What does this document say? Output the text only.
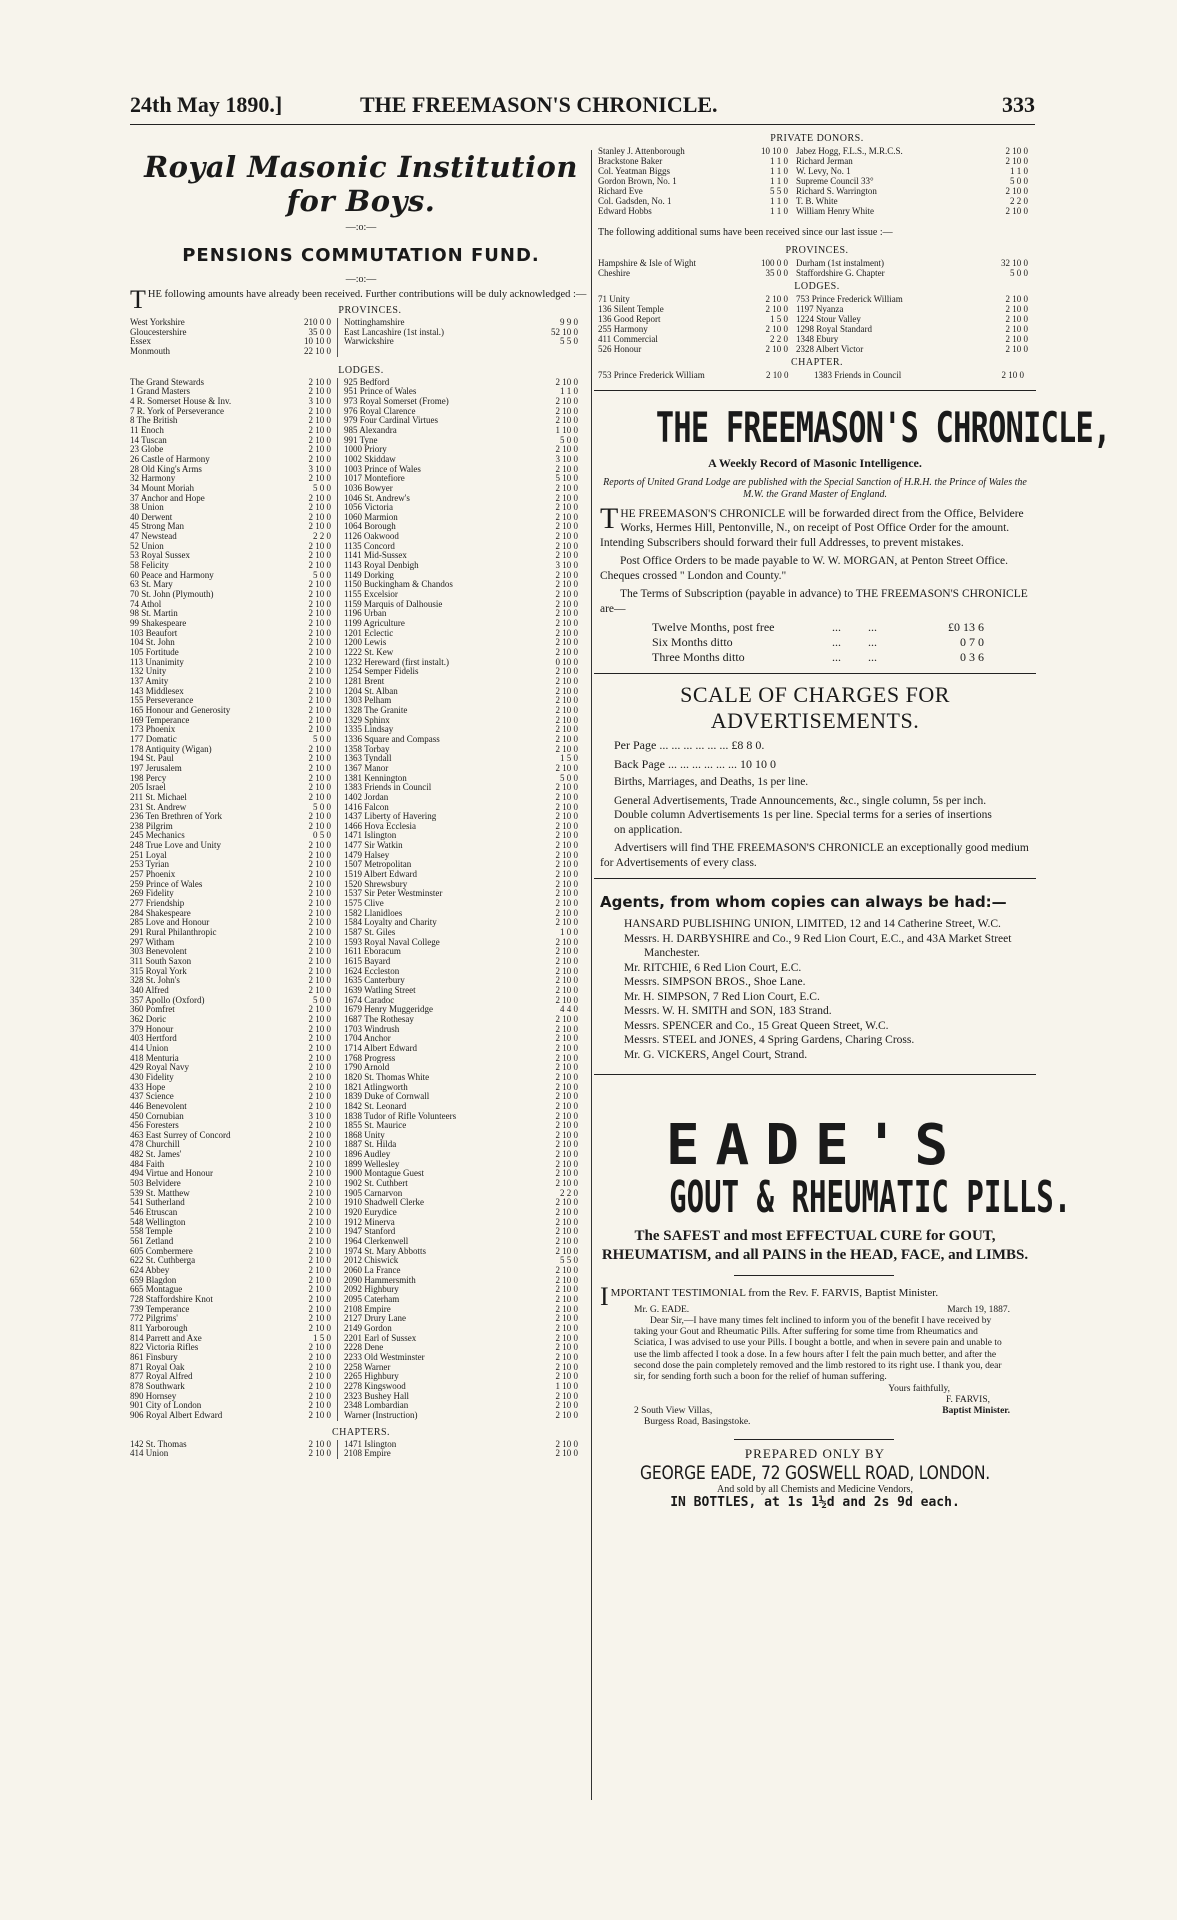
24th May 1890.]	THE FREEMASON'S CHRONICLE.	333
Royal Masonic Institution for Boys.
—:o:—
PENSIONS COMMUTATION FUND.
—:o:—
THE following amounts have already been received. Further contributions will be duly acknowledged :—
PROVINCES.
West Yorkshire	210 0 0	Nottinghamshire	9 9 0
Gloucestershire	35 0 0	East Lancashire (1st instal.)	52 10 0
Essex	10 10 0	Warwickshire	5 5 0
Monmouth	22 10 0
LODGES.
The Grand Stewards	2 10 0	925 Bedford	2 10 0
1 Grand Masters	2 10 0	951 Prince of Wales	1 1 0
4 R. Somerset House & Inv.	3 10 0	973 Royal Somerset (Frome)	2 10 0
7 R. York of Perseverance	2 10 0	976 Royal Clarence	2 10 0
8 The British	2 10 0	979 Four Cardinal Virtues	2 10 0
11 Enoch	2 10 0	985 Alexandra	1 10 0
14 Tuscan	2 10 0	991 Tyne	5 0 0
23 Globe	2 10 0	1000 Priory	2 10 0
26 Castle of Harmony	2 10 0	1002 Skiddaw	3 10 0
28 Old King's Arms	3 10 0	1003 Prince of Wales	2 10 0
32 Harmony	2 10 0	1017 Montefiore	5 10 0
34 Mount Moriah	5 0 0	1036 Bowyer	2 10 0
37 Anchor and Hope	2 10 0	1046 St. Andrew's	2 10 0
38 Union	2 10 0	1056 Victoria	2 10 0
40 Derwent	2 10 0	1060 Marmion	2 10 0
45 Strong Man	2 10 0	1064 Borough	2 10 0
47 Newstead	2 2 0	1126 Oakwood	2 10 0
52 Union	2 10 0	1135 Concord	2 10 0
53 Royal Sussex	2 10 0	1141 Mid-Sussex	2 10 0
58 Felicity	2 10 0	1143 Royal Denbigh	3 10 0
60 Peace and Harmony	5 0 0	1149 Dorking	2 10 0
63 St. Mary	2 10 0	1150 Buckingham & Chandos	2 10 0
70 St. John (Plymouth)	2 10 0	1155 Excelsior	2 10 0
74 Athol	2 10 0	1159 Marquis of Dalhousie	2 10 0
98 St. Martin	2 10 0	1196 Urban	2 10 0
99 Shakespeare	2 10 0	1199 Agriculture	2 10 0
103 Beaufort	2 10 0	1201 Eclectic	2 10 0
104 St. John	2 10 0	1200 Lewis	2 10 0
105 Fortitude	2 10 0	1222 St. Kew	2 10 0
113 Unanimity	2 10 0	1232 Hereward (first instalt.)	0 10 0
132 Unity	2 10 0	1254 Semper Fidelis	2 10 0
137 Amity	2 10 0	1281 Brent	2 10 0
143 Middlesex	2 10 0	1204 St. Alban	2 10 0
155 Perseverance	2 10 0	1303 Pelham	2 10 0
165 Honour and Generosity	2 10 0	1328 The Granite	2 10 0
169 Temperance	2 10 0	1329 Sphinx	2 10 0
173 Phoenix	2 10 0	1335 Lindsay	2 10 0
177 Domatic	5 0 0	1336 Square and Compass	2 10 0
178 Antiquity (Wigan)	2 10 0	1358 Torbay	2 10 0
194 St. Paul	2 10 0	1363 Tyndall	1 5 0
197 Jerusalem	2 10 0	1367 Manor	2 10 0
198 Percy	2 10 0	1381 Kennington	5 0 0
205 Israel	2 10 0	1383 Friends in Council	2 10 0
211 St. Michael	2 10 0	1402 Jordan	2 10 0
231 St. Andrew	5 0 0	1416 Falcon	2 10 0
236 Ten Brethren of York	2 10 0	1437 Liberty of Havering	2 10 0
238 Pilgrim	2 10 0	1466 Hova Ecclesia	2 10 0
245 Mechanics	0 5 0	1471 Islington	2 10 0
248 True Love and Unity	2 10 0	1477 Sir Watkin	2 10 0
251 Loyal	2 10 0	1479 Halsey	2 10 0
253 Tyrian	2 10 0	1507 Metropolitan	2 10 0
257 Phoenix	2 10 0	1519 Albert Edward	2 10 0
259 Prince of Wales	2 10 0	1520 Shrewsbury	2 10 0
269 Fidelity	2 10 0	1537 Sir Peter Westminster	2 10 0
277 Friendship	2 10 0	1575 Clive	2 10 0
284 Shakespeare	2 10 0	1582 Llanidloes	2 10 0
285 Love and Honour	2 10 0	1584 Loyalty and Charity	2 10 0
291 Rural Philanthropic	2 10 0	1587 St. Giles	1 0 0
297 Witham	2 10 0	1593 Royal Naval College	2 10 0
303 Benevolent	2 10 0	1611 Eboracum	2 10 0
311 South Saxon	2 10 0	1615 Bayard	2 10 0
315 Royal York	2 10 0	1624 Eccleston	2 10 0
328 St. John's	2 10 0	1635 Canterbury	2 10 0
340 Alfred	2 10 0	1639 Watling Street	2 10 0
357 Apollo (Oxford)	5 0 0	1674 Caradoc	2 10 0
360 Pomfret	2 10 0	1679 Henry Muggeridge	4 4 0
362 Doric	2 10 0	1687 The Rothesay	2 10 0
379 Honour	2 10 0	1703 Windrush	2 10 0
403 Hertford	2 10 0	1704 Anchor	2 10 0
414 Union	2 10 0	1714 Albert Edward	2 10 0
418 Menturia	2 10 0	1768 Progress	2 10 0
429 Royal Navy	2 10 0	1790 Arnold	2 10 0
430 Fidelity	2 10 0	1820 St. Thomas White	2 10 0
433 Hope	2 10 0	1821 Atlingworth	2 10 0
437 Science	2 10 0	1839 Duke of Cornwall	2 10 0
446 Benevolent	2 10 0	1842 St. Leonard	2 10 0
450 Cornubian	3 10 0	1838 Tudor of Rifle Volunteers	2 10 0
456 Foresters	2 10 0	1855 St. Maurice	2 10 0
463 East Surrey of Concord	2 10 0	1868 Unity	2 10 0
478 Churchill	2 10 0	1887 St. Hilda	2 10 0
482 St. James'	2 10 0	1896 Audley	2 10 0
484 Faith	2 10 0	1899 Wellesley	2 10 0
494 Virtue and Honour	2 10 0	1900 Montague Guest	2 10 0
503 Belvidere	2 10 0	1902 St. Cuthbert	2 10 0
539 St. Matthew	2 10 0	1905 Carnarvon	2 2 0
541 Sutherland	2 10 0	1910 Shadwell Clerke	2 10 0
546 Etruscan	2 10 0	1920 Eurydice	2 10 0
548 Wellington	2 10 0	1912 Minerva	2 10 0
558 Temple	2 10 0	1947 Stanford	2 10 0
561 Zetland	2 10 0	1964 Clerkenwell	2 10 0
605 Combermere	2 10 0	1974 St. Mary Abbotts	2 10 0
622 St. Cuthberga	2 10 0	2012 Chiswick	5 5 0
624 Abbey	2 10 0	2060 La France	2 10 0
659 Blagdon	2 10 0	2090 Hammersmith	2 10 0
665 Montague	2 10 0	2092 Highbury	2 10 0
728 Staffordshire Knot	2 10 0	2095 Caterham	2 10 0
739 Temperance	2 10 0	2108 Empire	2 10 0
772 Pilgrims'	2 10 0	2127 Drury Lane	2 10 0
811 Yarborough	2 10 0	2149 Gordon	2 10 0
814 Parrett and Axe	1 5 0	2201 Earl of Sussex	2 10 0
822 Victoria Rifles	2 10 0	2228 Dene	2 10 0
861 Finsbury	2 10 0	2233 Old Westminster	2 10 0
871 Royal Oak	2 10 0	2258 Warner	2 10 0
877 Royal Alfred	2 10 0	2265 Highbury	2 10 0
878 Southwark	2 10 0	2278 Kingswood	1 10 0
890 Hornsey	2 10 0	2323 Bushey Hall	2 10 0
901 City of London	2 10 0	2348 Lombardian	2 10 0
906 Royal Albert Edward	2 10 0	Warner (Instruction)	2 10 0
CHAPTERS.
142 St. Thomas	2 10 0	1471 Islington	2 10 0
414 Union	2 10 0	2108 Empire	2 10 0
PRIVATE DONORS.
Stanley J. Attenborough	10 10 0 Jabez Hogg, F.L.S., M.R.C.S.	2 10 0
Brackstone Baker	1 1 0 Richard Jerman	2 10 0
Col. Yeatman Biggs	1 1 0 W. Levy, No. 1	1 1 0
Gordon Brown, No. 1	1 1 0 Supreme Council 33°	5 0 0
Richard Eve	5 5 0 Richard S. Warrington	2 10 0
Col. Gadsden, No. 1	1 1 0 T. B. White	2 2 0
Edward Hobbs	1 1 0 William Henry White	2 10 0
The following additional sums have been received since our last issue :—
PROVINCES.
Hampshire & Isle of Wight	100 0 0 Durham (1st instalment)	32 10 0
Cheshire	35 0 0 Staffordshire G. Chapter	5 0 0
LODGES.
71 Unity	2 10 0 753 Prince Frederick William	2 10 0
136 Silent Temple	2 10 0 1197 Nyanza	2 10 0
136 Good Report	1 5 0 1224 Stour Valley	2 10 0
255 Harmony	2 10 0 1298 Royal Standard	2 10 0
411 Commercial	2 2 0 1348 Ebury	2 10 0
526 Honour	2 10 0 2328 Albert Victor	2 10 0
CHAPTER.
753 Prince Frederick William	2 10 0	1383 Friends in Council	2 10 0
THE FREEMASON'S CHRONICLE,
A Weekly Record of Masonic Intelligence.
Reports of United Grand Lodge are published with the Special Sanction of H.R.H. the Prince of Wales the M.W. the Grand Master of England.
THE FREEMASON'S CHRONICLE will be forwarded direct from the Office, Belvidere Works, Hermes Hill, Pentonville, N., on receipt of Post Office Order for the amount. Intending Subscribers should forward their full Addresses, to prevent mistakes.
Post Office Orders to be made payable to W. W. MORGAN, at Penton Street Office. Cheques crossed " London and County."
The Terms of Subscription (payable in advance) to THE FREEMASON'S CHRONICLE are—
Twelve Months, post free	...	...	£0 13 6
Six Months ditto	...	...	0 7 0
Three Months ditto	...	...	0 3 6
SCALE OF CHARGES FOR ADVERTISEMENTS.
Per Page ... ... ... ... ... ... £8 8 0.
Back Page ... ... ... ... ... ... 10 10 0
Births, Marriages, and Deaths, 1s per line.
General Advertisements, Trade Announcements, &c., single column, 5s per inch. Double column Advertisements 1s per line. Special terms for a series of insertions on application.
Advertisers will find THE FREEMASON'S CHRONICLE an exceptionally good medium for Advertisements of every class.
Agents, from whom copies can always be had:—
HANSARD PUBLISHING UNION, LIMITED, 12 and 14 Catherine Street, W.C.
Messrs. H. DARBYSHIRE and Co., 9 Red Lion Court, E.C., and 43A Market Street Manchester.
Mr. RITCHIE, 6 Red Lion Court, E.C.
Messrs. SIMPSON BROS., Shoe Lane.
Mr. H. SIMPSON, 7 Red Lion Court, E.C.
Messrs. W. H. SMITH and SON, 183 Strand.
Messrs. SPENCER and Co., 15 Great Queen Street, W.C.
Messrs. STEEL and JONES, 4 Spring Gardens, Charing Cross.
Mr. G. VICKERS, Angel Court, Strand.
EADE'S
GOUT & RHEUMATIC PILLS.
The SAFEST and most EFFECTUAL CURE for GOUT, RHEUMATISM, and all PAINS in the HEAD, FACE, and LIMBS.
IMPORTANT TESTIMONIAL from the Rev. F. FARVIS, Baptist Minister.
Mr. G. EADE.	March 19, 1887.
Dear Sir,—I have many times felt inclined to inform you of the benefit I have received by taking your Gout and Rheumatic Pills. After suffering for some time from Rheumatics and Sciatica, I was advised to use your Pills. I bought a bottle, and when in severe pain and unable to use the limb affected I took a dose. In a few hours after I felt the pain much better, and after the second dose the pain completely removed and the limb restored to its right use. I thank you, dear sir, for sending forth such a boon for the relief of human suffering.
Yours faithfully,
F. FARVIS,
2 South View Villas,	Baptist Minister.
Burgess Road, Basingstoke.
PREPARED ONLY BY
GEORGE EADE, 72 GOSWELL ROAD, LONDON.
And sold by all Chemists and Medicine Vendors,
IN BOTTLES, at 1s 1½d and 2s 9d each.
